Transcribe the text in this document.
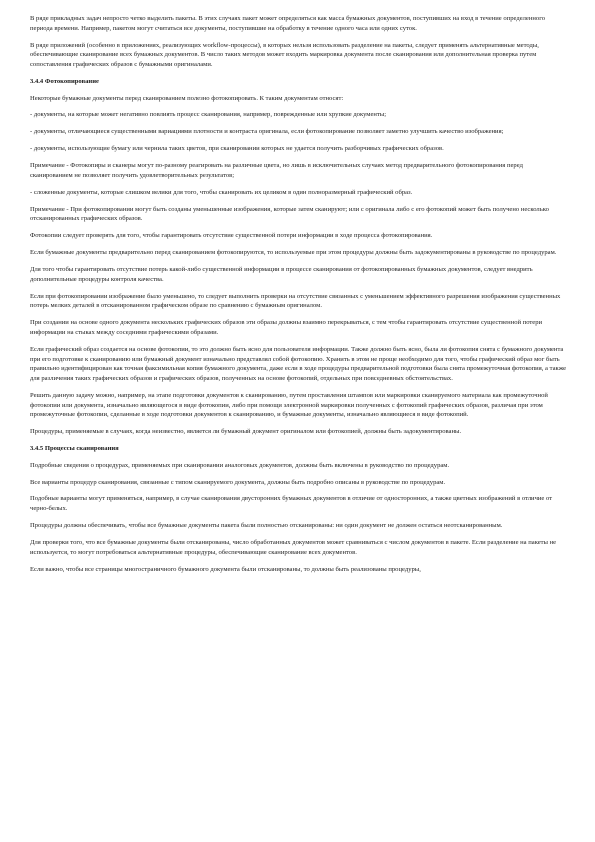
В ряде прикладных задач непросто четко выделить пакеты. В этих случаях пакет может определяться как масса бумажных документов, поступивших на вход в течение определенного периода времени. Например, пакетом могут считаться все документы, поступившие на обработку в течение одного часа или одних суток.
В ряде приложений (особенно в приложениях, реализующих workflow-процессы), в которых нельзя использовать разделение на пакеты, следует применять альтернативные методы, обеспечивающие сканирование всех бумажных документов. В число таких методов может входить маркировка документа после сканирования или дополнительная проверка путем сопоставления графических образов с бумажными оригиналами.
3.4.4 Фотокопирование
Некоторые бумажные документы перед сканированием полезно фотокопировать. К таким документам относят:
- документы, на которые может негативно повлиять процесс сканирования, например, поврежденные или хрупкие документы;
- документы, отличающиеся существенными вариациями плотности и контраста оригинала, если фотокопирование позволяет заметно улучшить качество изображения;
- документы, использующие бумагу или чернила таких цветов, при сканировании которых не удается получить разборчивых графических образов.
Примечание - Фотокопиры и сканеры могут по-разному реагировать на различные цвета, но лишь в исключительных случаях метод предварительного фотокопирования перед сканированием не позволяет получить удовлетворительных результатов;
- сложенные документы, которые слишком велики для того, чтобы сканировать их целиком в один полноразмерный графический образ.
Примечание - При фотокопировании могут быть созданы уменьшенные изображения, которые затем сканируют; или с оригинала либо с его фотокопий может быть получено несколько отсканированных графических образов.
Фотокопии следует проверять для того, чтобы гарантировать отсутствие существенной потери информации в ходе процесса фотокопирования.
Если бумажные документы предварительно перед сканированием фотокопируются, то используемые при этом процедуры должны быть задокументированы в руководстве по процедурам.
Для того чтобы гарантировать отсутствие потерь какой-либо существенной информации в процессе сканирования от фотокопированных бумажных документов, следует внедрить дополнительные процедуры контроля качества.
Если при фотокопировании изображение было уменьшено, то следует выполнить проверки на отсутствие связанных с уменьшением эффективного разрешения изображения существенных потерь мелких деталей в отсканированном графическом образе по сравнению с бумажным оригиналом.
При создании на основе одного документа нескольких графических образов эти образы должны взаимно перекрываться, с тем чтобы гарантировать отсутствие существенной потери информации на стыках между соседними графическими образами.
Если графический образ создается на основе фотокопии, то это должно быть ясно для пользователя информации. Также должно быть ясно, была ли фотокопия снята с бумажного документа при его подготовке к сканированию или бумажный документ изначально представлял собой фотокопию. Хранить в этом не проще необходимо для того, чтобы графический образ мог быть правильно идентифицирован как точная факсимильная копия бумажного документа, даже если в ходе процедуры предварительной подготовки была снята промежуточная фотокопия, а также для различения таких графических образов и графических образов, полученных на основе фотокопий, отдельных при повседневных обстоятельствах.
Решить данную задачу можно, например, на этапе подготовки документов к сканированию, путем проставления штампов или маркировки сканируемого материала как промежуточной фотокопии или документа, изначально являющегося в виде фотокопии, либо при помощи электронной маркировки полученных с фотокопий графических образов, различая при этом промежуточные фотокопии, сделанные в ходе подготовки документов к сканированию, и бумажные документы, изначально являющиеся в виде фотокопий.
Процедуры, применяемые в случаях, когда неизвестно, является ли бумажный документ оригиналом или фотокопией, должны быть задокументированы.
3.4.5 Процессы сканирования
Подробные сведения о процедурах, применяемых при сканировании аналоговых документов, должны быть включены в руководство по процедурам.
Все варианты процедур сканирования, связанные с типом сканируемого документа, должны быть подробно описаны в руководстве по процедурам.
Подобные варианты могут применяться, например, в случае сканирования двусторонних бумажных документов в отличие от односторонних, а также цветных изображений в отличие от черно-белых.
Процедуры должны обеспечивать, чтобы все бумажные документы пакета были полностью отсканированы: ни один документ не должен остаться неотсканированным.
Для проверки того, что все бумажные документы были отсканированы, число обработанных документов может сравниваться с числом документов в пакете. Если разделение на пакеты не используется, то могут потребоваться альтернативные процедуры, обеспечивающие сканирование всех документов.
Если важно, чтобы все страницы многостраничного бумажного документа были отсканированы, то должны быть реализованы процедуры,
